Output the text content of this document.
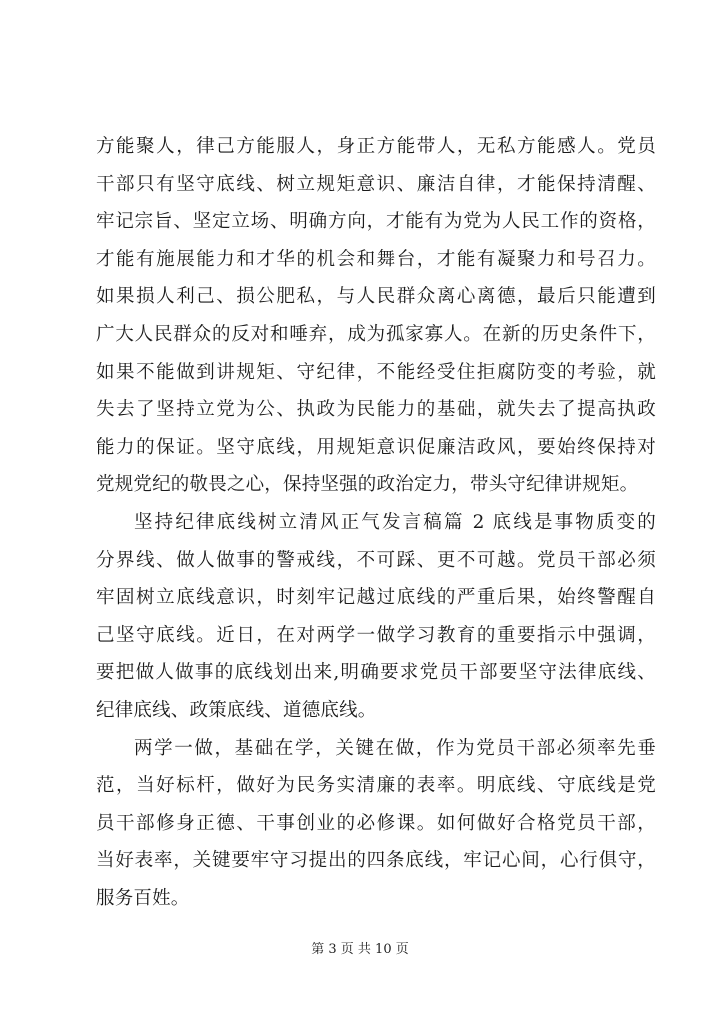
方能聚人，律己方能服人，身正方能带人，无私方能感人。党员
干部只有坚守底线、树立规矩意识、廉洁自律，才能保持清醒、
牢记宗旨、坚定立场、明确方向，才能有为党为人民工作的资格，
才能有施展能力和才华的机会和舞台，才能有凝聚力和号召力。
如果损人利己、损公肥私，与人民群众离心离德，最后只能遭到
广大人民群众的反对和唾弃，成为孤家寡人。在新的历史条件下，
如果不能做到讲规矩、守纪律，不能经受住拒腐防变的考验，就
失去了坚持立党为公、执政为民能力的基础，就失去了提高执政
能力的保证。坚守底线，用规矩意识促廉洁政风，要始终保持对
党规党纪的敬畏之心，保持坚强的政治定力，带头守纪律讲规矩。
坚持纪律底线树立清风正气发言稿篇 2 底线是事物质变的
分界线、做人做事的警戒线，不可踩、更不可越。党员干部必须
牢固树立底线意识，时刻牢记越过底线的严重后果，始终警醒自
己坚守底线。近日，在对两学一做学习教育的重要指示中强调，
要把做人做事的底线划出来,明确要求党员干部要坚守法律底线、
纪律底线、政策底线、道德底线。
两学一做，基础在学，关键在做，作为党员干部必须率先垂
范，当好标杆，做好为民务实清廉的表率。明底线、守底线是党
员干部修身正德、干事创业的必修课。如何做好合格党员干部，
当好表率，关键要牢守习提出的四条底线，牢记心间，心行俱守，
服务百姓。
第 3 页 共 10 页
